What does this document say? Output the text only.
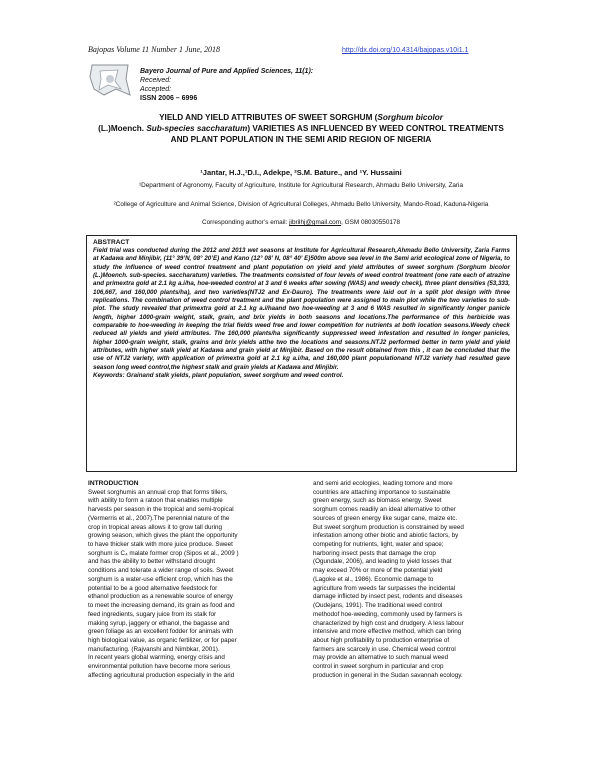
Bajopas Volume 11 Number 1 June, 2018	http://dx.doi.org/10.4314/bajopas.v10i1.1
Bayero Journal of Pure and Applied Sciences, 11(1):
Received:
Accepted:
ISSN 2006 – 6996
YIELD AND YIELD ATTRIBUTES OF SWEET SORGHUM (Sorghum bicolor
(L.)Moench. Sub-species saccharatum) VARIETIES AS INFLUENCED BY WEED CONTROL TREATMENTS AND PLANT POPULATION IN THE SEMI ARID REGION OF NIGERIA
¹Jantar, H.J.,¹D.I., Adekpe, ²S.M. Bature., and ¹Y. Hussaini
¹Department of Agronomy, Faculty of Agriculture, Institute for Agricultural Research, Ahmadu Bello University, Zaria
²College of Agriculture and Animal Science, Division of Agricultural Colleges, Ahmadu Bello University, Mando-Road, Kaduna-Nigeria
Corresponding author’s email: jibrilhj@gmail.com, GSM 08030550178
ABSTRACT
Field trial was conducted during the 2012 and 2013 wet seasons at Institute for Agricultural Research,Ahmadu Bello University, Zaria Farms at Kadawa and Minjibir, (11° 39’N, 08° 20’E) and Kano (12° 08’ N, 08° 40’ E)500m above sea level in the Semi arid ecological zone of Nigeria, to study the influence of weed control treatment and plant population on yield and yield attributes of sweet sorghum (Sorghum bicolor (L.)Moench. sub-species. saccharatum) varieties. The treatments consisted of four levels of weed control treatment (one rate each of atrazine and primextra gold at 2.1 kg a.i/ha, hoe-weeded control at 3 and 6 weeks after sowing (WAS) and weedy check), three plant densities (53,333, 106,667, and 160,000 plants/ha), and two varieties(NTJ2 and Ex-Dauro). The treatments were laid out in a split plot design with three replications. The combination of weed control treatment and the plant population were assigned to main plot while the two varieties to sub-plot. The study revealed that primextra gold at 2.1 kg a.i/haand two hoe-weeding at 3 and 6 WAS resulted in significantly longer panicle length, higher 1000-grain weight, stalk, grain, and brix yields in both seasons and locations.The performance of this herbicide was comparable to hoe-weeding in keeping the trial fields weed free and lower competition for nutrients at both location seasons.Weedy check reduced all yields and yield attributes. The 160,000 plants/ha significantly suppressed weed infestation and resulted in longer panicles, higher 1000-grain weight, stalk, grains and brix yields atthe two the locations and seasons.NTJ2 performed better in term yield and yield attributes, with higher stalk yield at Kadawa and grain yield at Minjibir. Based on the result obtained from this , it can be concluded that the use of NTJ2 variety, with application of primextra gold at 2.1 kg a.i/ha, and 160,000 plant populationand NTJ2 variety had resulted gave season long weed control,the highest stalk and grain yields at Kadawa and Minjibir.
Keywords: Grainand stalk yields, plant population, sweet sorghum and weed control.
INTRODUCTION
Sweet sorghumis an annual crop that forms tillers,
with ability to form a ratoon that enables multiple
harvests per season in the tropical and semi-tropical
(Vermerris et al., 2007).The perennial nature of the
crop in tropical areas allows it to grow tall during
growing season, which gives the plant the opportunity
to have thicker stalk with more juice produce. Sweet
sorghum is C₄ malate former crop (Sipos et al., 2009 )
and has the ability to better withstand drought
conditions and tolerate a wider range of soils. Sweet
sorghum is a water-use efficient crop, which has the
potential to be a good alternative feedstock for
ethanol production as a renewable source of energy
to meet the increasing demand, its grain as food and
feed ingredients, sugary juice from its stalk for
making syrup, jaggery or ethanol, the bagasse and
green foliage as an excellent fodder for animals with
high biological value, as organic fertilizer, or for paper
manufacturing. (Rajvanshi and Nimbkar, 2001).
In recent years global warming, energy crisis and
environmental pollution have become more serious
affecting agricultural production especially in the arid
and semi arid ecologies, leading tomore and more
countries are attaching importance to sustainable
green energy, such as biomass energy. Sweet
sorghum comes readily an ideal alternative to other
sources of green energy like sugar cane, maize etc.
But sweet sorghum production is constrained by weed
infestation among other biotic and abiotic factors, by
competing for nutrients, light, water and space;
harboring insect pests that damage the crop
(Ogundale, 2006), and leading to yield losses that
may exceed 70% or more of the potential yield
(Lagoke et al., 1986). Economic damage to
agriculture from weeds far surpasses the incidental
damage inflicted by insect pest, rodents and diseases
(Oudejans, 1991). The traditional weed control
methodof hoe-weeding, commonly used by farmers is
characterized by high cost and drudgery. A less labour
intensive and more effective method, which can bring
about high profitability to production enterprise of
farmers are scarcely in use. Chemical weed control
may provide an alternative to such manual weed
control in sweet sorghum in particular and crop
production in general in the Sudan savannah ecology.
